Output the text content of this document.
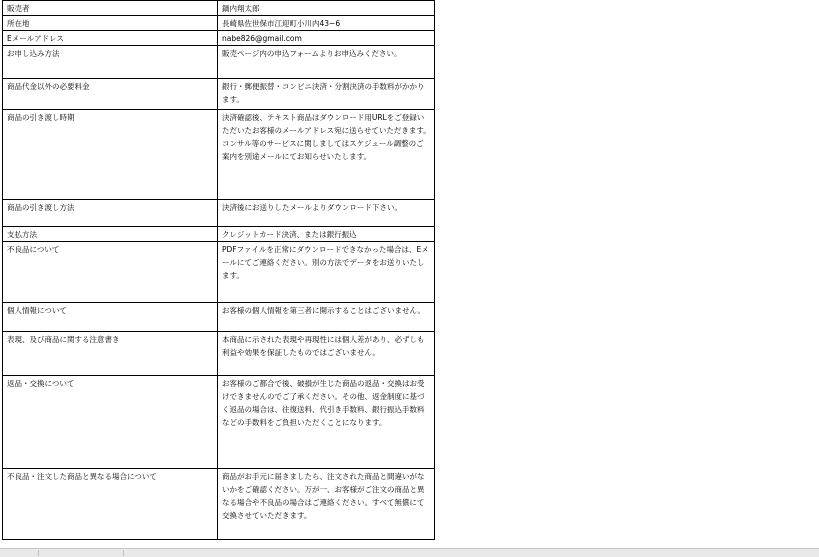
販売者	鍋内翔太郎
所在地	長崎県佐世保市江迎町小川内43−6
Eメールアドレス	nabe826@gmail.com
お申し込み方法	販売ページ内の申込フォームよりお申込みください。
商品代金以外の必要料金	銀行・郵便振替・コンビニ決済・分割決済の手数料がかかります。
商品の引き渡し時期	決済確認後、テキスト商品はダウンロード用URLをご登録いただいたお客様のメールアドレス宛に送らせていただきます。コンサル等のサービスに関しましてはスケジュール調整のご案内を別途メールにてお知らせいたします。
商品の引き渡し方法	決済後にお送りしたメールよりダウンロード下さい。
支払方法	クレジットカード決済、または銀行振込
不良品について	PDFファイルを正常にダウンロードできなかった場合は、Eメールにてご連絡ください。別の方法でデータをお送りいたします。
個人情報について	お客様の個人情報を第三者に開示することはございません。
表現、及び商品に関する注意書き	本商品に示された表現や再現性には個人差があり、必ずしも利益や効果を保証したものではございません。
返品・交換について	お客様のご都合で後、破損が生じた商品の返品・交換はお受けできませんのでご了承ください。その他、返金制度に基づく返品の場合は、往復送料、代引き手数料、銀行振込手数料などの手数料をご負担いただくことになります。
不良品・注文した商品と異なる場合について	商品がお手元に届きましたら、注文された商品と間違いがないかをご確認ください。万が一、お客様がご注文の商品と異なる場合や不良品の場合はご連絡ください。すべて無償にて交換させていただきます。
